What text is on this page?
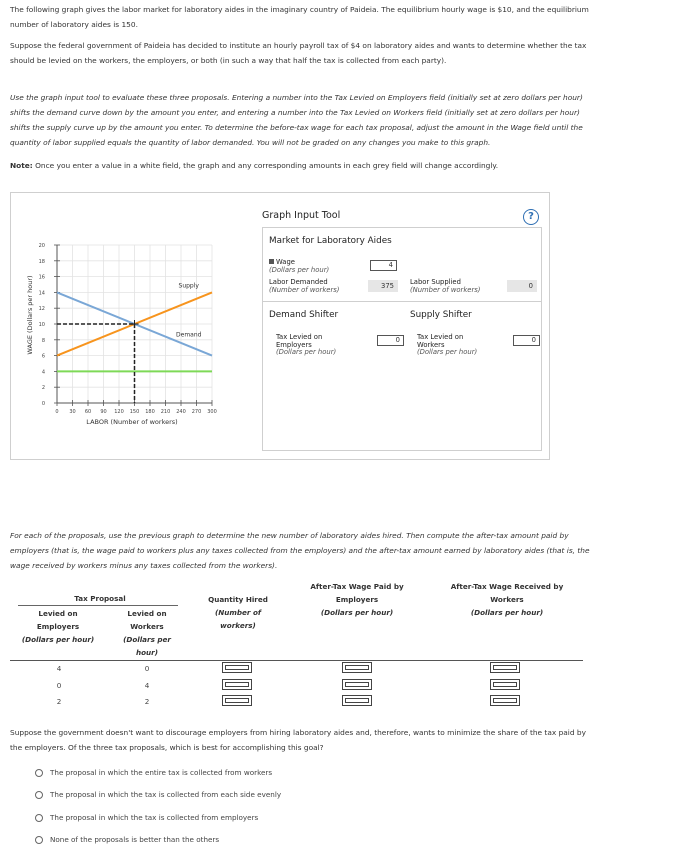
The following graph gives the labor market for laboratory aides in the imaginary country of Paideia. The equilibrium hourly wage is $10, and the equilibrium number of laboratory aides is 150.

Suppose the federal government of Paideia has decided to institute an hourly payroll tax of $4 on laboratory aides and wants to determine whether the tax should be levied on the workers, the employers, or both (in such a way that half the tax is collected from each party).

Use the graph input tool to evaluate these three proposals. Entering a number into the Tax Levied on Employers field (initially set at zero dollars per hour) shifts the demand curve down by the amount you enter, and entering a number into the Tax Levied on Workers field (initially set at zero dollars per hour) shifts the supply curve up by the amount you enter. To determine the before-tax wage for each tax proposal, adjust the amount in the Wage field until the quantity of labor supplied equals the quantity of labor demanded. You will not be graded on any changes you make to this graph.

Note: Once you enter a value in a white field, the graph and any corresponding amounts in each grey field will change accordingly.

0
2
4
6
8
10
12
14
16
18
20
0 30 60 90 120 150 180 210 240 270 300
Supply
Demand
WAGE (Dollars per hour)
LABOR (Number of workers)
Graph Input Tool	?
Market for Laboratory Aides
Wage
(Dollars per hour)
4
Labor Demanded
(Number of workers)	375	Labor Supplied
(Number of workers)	0
Demand Shifter	Supply Shifter
Tax Levied on Employers
(Dollars per hour)
0	Tax Levied on Workers
(Dollars per hour)
0

For each of the proposals, use the previous graph to determine the new number of laboratory aides hired. Then compute the after-tax amount paid by employers (that is, the wage paid to workers plus any taxes collected from the employers) and the after-tax amount earned by laboratory aides (that is, the wage received by workers minus any taxes collected from the workers).

Tax Proposal
Levied on
Employers
(Dollars per hour)
Levied on
Workers
(Dollars per
hour)
Quantity Hired
(Number of
workers)
After-Tax Wage Paid by
Employers
(Dollars per hour)
After-Tax Wage Received by
Workers
(Dollars per hour)
4	0
0	4
2	2

Suppose the government doesn't want to discourage employers from hiring laboratory aides and, therefore, wants to minimize the share of the tax paid by the employers. Of the three tax proposals, which is best for accomplishing this goal?

The proposal in which the entire tax is collected from workers
The proposal in which the tax is collected from each side evenly
The proposal in which the tax is collected from employers
None of the proposals is better than the others
